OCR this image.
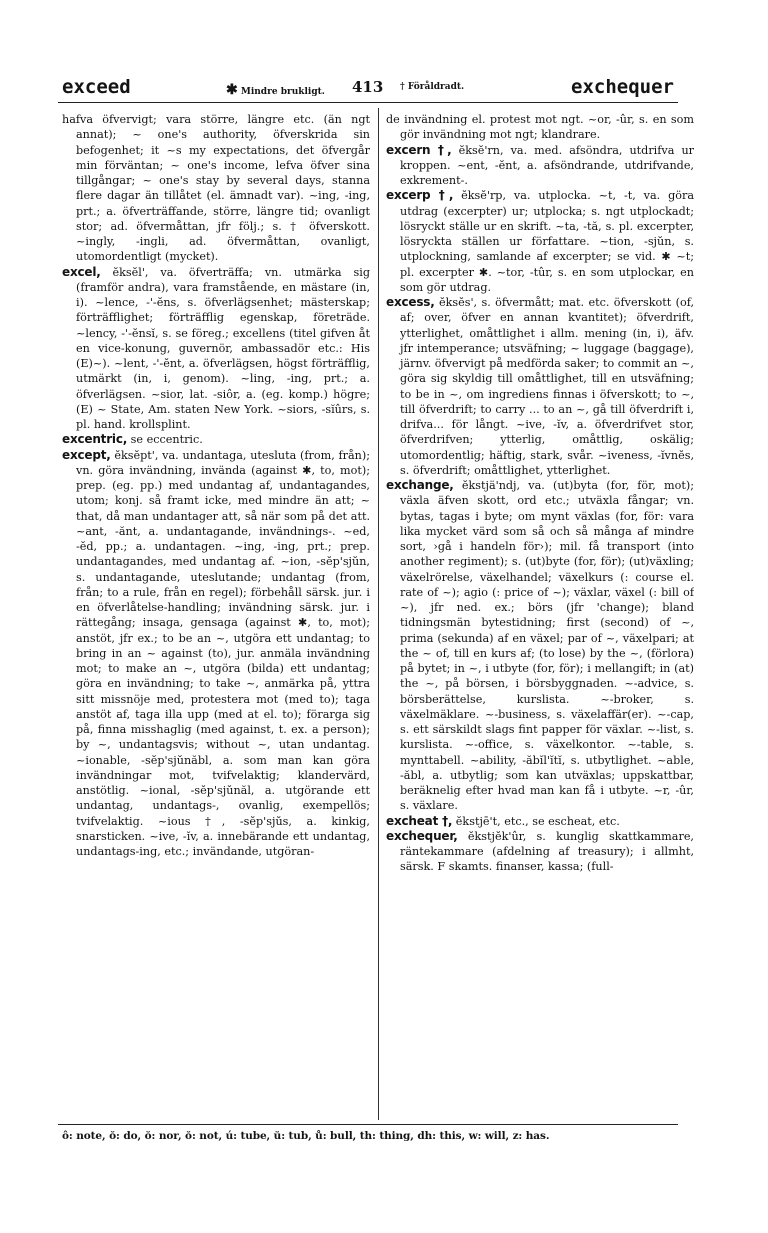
exceed	✱ Mindre brukligt. 413 † Föråldradt.	exchequer

hafva öfvervigt; vara större, längre etc. (än ngt annat); ~ one's authority, öfverskrida sin befogenhet; it ~s my expectations, det öfvergår min förväntan; ~ one's income, lefva öfver sina tillgångar; ~ one's stay by several days, stanna flere dagar än tillåtet (el. ämnadt var). ~ing, -ing, prt.; a. öfverträffande, större, längre tid; ovanligt stor; ad. öfvermåttan, jfr följ.; s. † öfverskott. ~ingly, -ingli, ad. öfvermåttan, ovanligt, utomordentligt (mycket).

excel, ĕksĕl', va. öfverträffa; vn. utmärka sig (framför andra), vara framstående, en mästare (in, i). ~lence, -'-ĕns, s. öfverlägsenhet; mästerskap; förträfflighet; förträfflig egenskap, företräde. ~lency, -'-ĕnsĭ, s. se föreg.; excellens (titel gifven åt en vice-konung, guvernör, ambassadör etc.: His (E)~). ~lent, -'-ĕnt, a. öfverlägsen, högst förträfflig, utmärkt (in, i, genom). ~ling, -ing, prt.; a. öfverlägsen. ~sior, lat. -siôr, a. (eg. komp.) högre; (E) ~ State, Am. staten New York. ~siors, -sĭûrs, s. pl. hand. krollsplint.

excentric, se eccentric.

except, ĕksĕpt', va. undantaga, utesluta (from, från); vn. göra invändning, invända (against ✱, to, mot); prep. (eg. pp.) med undantag af, undantagandes, utom; konj. så framt icke, med mindre än att; ~ that, då man undantager att, så när som på det att. ~ant, -ănt, a. undantagande, invändnings-. ~ed, -ĕd, pp.; a. undantagen. ~ing, -ing, prt.; prep. undantagandes, med undantag af. ~ion, -sĕp'sjŭn, s. undantagande, uteslutande; undantag (from, från; to a rule, från en regel); förbehåll särsk. jur. i en öfverlåtelse-handling; invändning särsk. jur. i rättegång; insaga, gensaga (against ✱, to, mot); anstöt, jfr ex.; to be an ~, utgöra ett undantag; to bring in an ~ against (to), jur. anmäla invändning mot; to make an ~, utgöra (bilda) ett undantag; göra en invändning; to take ~, anmärka på, yttra sitt missnöje med, protestera mot (med to); taga anstöt af, taga illa upp (med at el. to); förarga sig på, finna misshaglig (med against, t. ex. a person); by ~, undantagsvis; without ~, utan undantag. ~ionable, -sĕp'sjŭnăbl, a. som man kan göra invändningar mot, tvifvelaktig; klandervärd, anstötlig. ~ional, -sĕp'sjŭnăl, a. utgörande ett undantag, undantags-, ovanlig, exempellös; tvifvelaktig. ~ious †, -sĕp'sjŭs, a. kinkig, snarsticken. ~ive, -ĭv, a. innebärande ett undantag, undantags-ing, etc.; invändande, utgöran-

de invändning el. protest mot ngt. ~or, -ûr, s. en som gör invändning mot ngt; klandrare.

excern †, ĕksĕ'rn, va. med. afsöndra, utdrifva ur kroppen. ~ent, -ĕnt, a. afsöndrande, utdrifvande, exkrement-.

excerp †, ĕksĕ'rp, va. utplocka. ~t, -t, va. göra utdrag (excerpter) ur; utplocka; s. ngt utplockadt; lösryckt ställe ur en skrift. ~ta, -tă, s. pl. excerpter, lösryckta ställen ur författare. ~tion, -sjŭn, s. utplockning, samlande af excerpter; se vid. ✱ ~t; pl. excerpter ✱. ~tor, -tûr, s. en som utplockar, en som gör utdrag.

excess, ĕksĕs', s. öfvermått; mat. etc. öfverskott (of, af; over, öfver en annan kvantitet); öfverdrift, ytterlighet, omåttlighet i allm. mening (in, i), äfv. jfr intemperance; utsväfning; ~ luggage (baggage), järnv. öfvervigt på medförda saker; to commit an ~, göra sig skyldig till omåttlighet, till en utsväfning; to be in ~, om ingrediens finnas i öfverskott; to ~, till öfverdrift; to carry ... to an ~, gå till öfverdrift i, drifva... för långt. ~ive, -ĭv, a. öfverdrifvet stor, öfverdrifven; ytterlig, omåttlig, oskälig; utomordentlig; häftig, stark, svår. ~iveness, -ĭvnĕs, s. öfverdrift; omåttlighet, ytterlighet.

exchange, ĕkstjä'ndj, va. (ut)byta (for, för, mot); växla äfven skott, ord etc.; utväxla fångar; vn. bytas, tagas i byte; om mynt växlas (for, för: vara lika mycket värd som så och så många af mindre sort, ›gå i handeln för›); mil. få transport (into another regiment); s. (ut)byte (for, för); (ut)växling; växelrörelse, växelhandel; växelkurs (: course el. rate of ~); agio (: price of ~); växlar, växel (: bill of ~), jfr ned. ex.; börs (jfr 'change); bland tidningsmän bytestidning; first (second) of ~, prima (sekunda) af en växel; par of ~, växelpari; at the ~ of, till en kurs af; (to lose) by the ~, (förlora) på bytet; in ~, i utbyte (for, för); i mellangift; in (at) the ~, på börsen, i börsbyggnaden. ~-advice, s. börsberättelse, kurslista. ~-broker, s. växelmäklare. ~-business, s. växelaffär(er). ~-cap, s. ett särskildt slags fint papper för växlar. ~-list, s. kurslista. ~-office, s. växelkontor. ~-table, s. mynttabell. ~ability, -ăbĭl'ĭtĭ, s. utbytlighet. ~able, -ăbl, a. utbytlig; som kan utväxlas; uppskattbar, beräknelig efter hvad man kan få i utbyte. ~r, -ûr, s. växlare.

excheat †, ĕkstjē't, etc., se escheat, etc.

exchequer, ĕkstjĕk'ûr, s. kunglig skattkammare, räntekammare (afdelning af treasury); i allmht, särsk. F skamts. finanser, kassa; (full-

ô: note, ŏ: do, ŏ: nor, ŏ: not, ú: tube, ŭ: tub, ů: bull, th: thing, dh: this, w: will, z: has.
